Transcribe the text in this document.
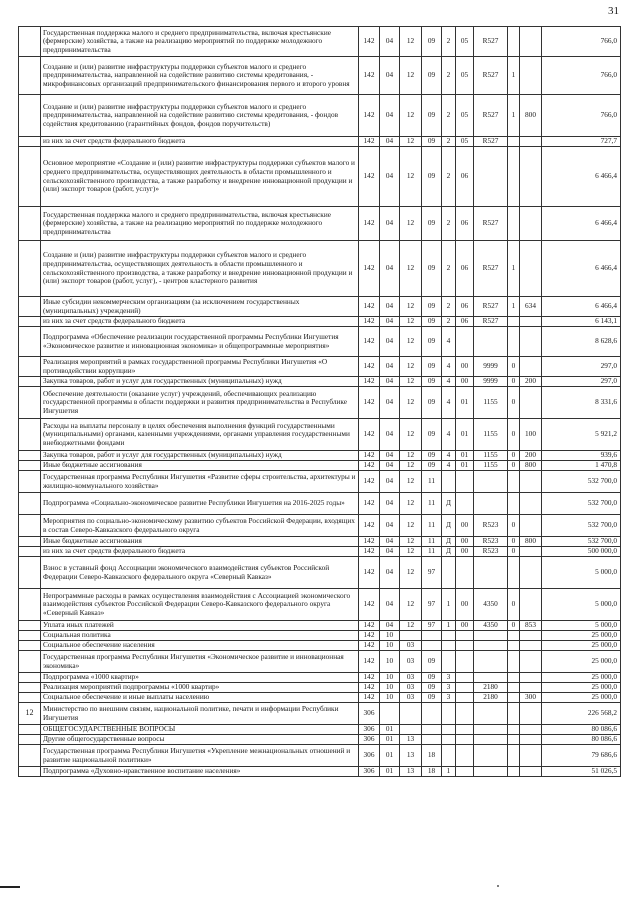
31
	Государственная поддержка малого и среднего предпринимательства, включая крестьянские (фермерские) хозяйства, а также на реализацию мероприятий по поддержке молодежного предпринимательства	142	04	12	09	2	05	R527			766,0
	Создание и (или) развитие инфраструктуры поддержки субъектов малого и среднего предпринимательства, направленной на содействие развитию системы кредитования, - микрофинансовых организаций предпринимательского финансирования первого и второго уровня	142	04	12	09	2	05	R527	1		766,0
	Создание и (или) развитие инфраструктуры поддержки субъектов малого и среднего предпринимательства, направленной на содействие развитию системы кредитования, - фондов содействия кредитованию (гарантийных фондов, фондов поручительств)	142	04	12	09	2	05	R527	1	800	766,0
	из них за счет средств федерального бюджета	142	04	12	09	2	05	R527			727,7
	Основное мероприятие «Создание и (или) развитие инфраструктуры поддержки субъектов малого и среднего предпринимательства, осуществляющих деятельность в области промышленного и сельскохозяйственного производства, а также разработку и внедрение инновационной продукции и (или) экспорт товаров (работ, услуг)»	142	04	12	09	2	06				6 466,4
	Государственная поддержка малого и среднего предпринимательства, включая крестьянские (фермерские) хозяйства, а также на реализацию мероприятий по поддержке молодежного предпринимательства	142	04	12	09	2	06	R527			6 466,4
	Создание и (или) развитие инфраструктуры поддержки субъектов малого и среднего предпринимательства, осуществляющих деятельность в области промышленного и сельскохозяйственного производства, а также разработку и внедрение инновационной продукции и (или) экспорт товаров (работ, услуг), - центров кластерного развития	142	04	12	09	2	06	R527	1		6 466,4
	Иные субсидии некоммерческим организациям (за исключением государственных (муниципальных) учреждений)	142	04	12	09	2	06	R527	1	634	6 466,4
	из них за счет средств федерального бюджета	142	04	12	09	2	06	R527			6 143,1
	Подпрограмма «Обеспечение реализации государственной программы Республики Ингушетия «Экономическое развитие и инновационная экономика» и общепрограммные мероприятия»	142	04	12	09	4					8 628,6
	Реализация мероприятий в рамках государственной программы Республики Ингушетия «О противодействии коррупции»	142	04	12	09	4	00	9999	0		297,0
	Закупка товаров, работ и услуг для государственных (муниципальных) нужд	142	04	12	09	4	00	9999	0	200	297,0
	Обеспечение деятельности (оказание услуг) учреждений, обеспечивающих реализацию государственной программы в области поддержки и развития предпринимательства в Республике Ингушетия	142	04	12	09	4	01	1155	0		8 331,6
	Расходы на выплаты персоналу в целях обеспечения выполнения функций государственными (муниципальными) органами, казенными учреждениями, органами управления государственными внебюджетными фондами	142	04	12	09	4	01	1155	0	100	5 921,2
	Закупка товаров, работ и услуг для государственных (муниципальных) нужд	142	04	12	09	4	01	1155	0	200	939,6
	Иные бюджетные ассигнования	142	04	12	09	4	01	1155	0	800	1 470,8
	Государственная программа Республики Ингушетия «Развитие сферы строительства, архитектуры и жилищно-коммунального хозяйства»	142	04	12	11						532 700,0
	Подпрограмма «Социально-экономическое развитие Республики Ингушетия на 2016-2025 годы»	142	04	12	11	Д					532 700,0
	Мероприятия по социально-экономическому развитию субъектов Российской Федерации, входящих в состав Северо-Кавказского федерального округа	142	04	12	11	Д	00	R523	0		532 700,0
	Иные бюджетные ассигнования	142	04	12	11	Д	00	R523	0	800	532 700,0
	из них за счет средств федерального бюджета	142	04	12	11	Д	00	R523	0		500 000,0
	Взнос в уставный фонд Ассоциации экономического взаимодействия субъектов Российской Федерации Северо-Кавказского федерального округа «Северный Кавказ»	142	04	12	97						5 000,0
	Непрограммные расходы в рамках осуществления взаимодействия с Ассоциацией экономического взаимодействия субъектов Российской Федерации Северо-Кавказского федерального округа «Северный Кавказ»	142	04	12	97	1	00	4350	0		5 000,0
	Уплата иных платежей	142	04	12	97	1	00	4350	0	853	5 000,0
	Социальная политика	142	10								25 000,0
	Социальное обеспечение населения	142	10	03							25 000,0
	Государственная программа Республики Ингушетия «Экономическое развитие и инновационная экономика»	142	10	03	09						25 000,0
	Подпрограмма «1000 квартир»	142	10	03	09	3					25 000,0
	Реализация мероприятий подпрограммы «1000 квартир»	142	10	03	09	3		2180			25 000,0
	Социальное обеспечение и иные выплаты населению	142	10	03	09	3		2180		300	25 000,0
12	Министерство по внешним связям, национальной политике, печати и информации Республики Ингушетия	306									226 568,2
	ОБЩЕГОСУДАРСТВЕННЫЕ ВОПРОСЫ	306	01								80 086,6
	Другие общегосударственные вопросы	306	01	13							80 086,6
	Государственная программа Республики Ингушетия «Укрепление межнациональных отношений и развитие национальной политики»	306	01	13	18						79 686,6
	Подпрограмма «Духовно-нравственное воспитание населения»	306	01	13	18	1					51 026,5
